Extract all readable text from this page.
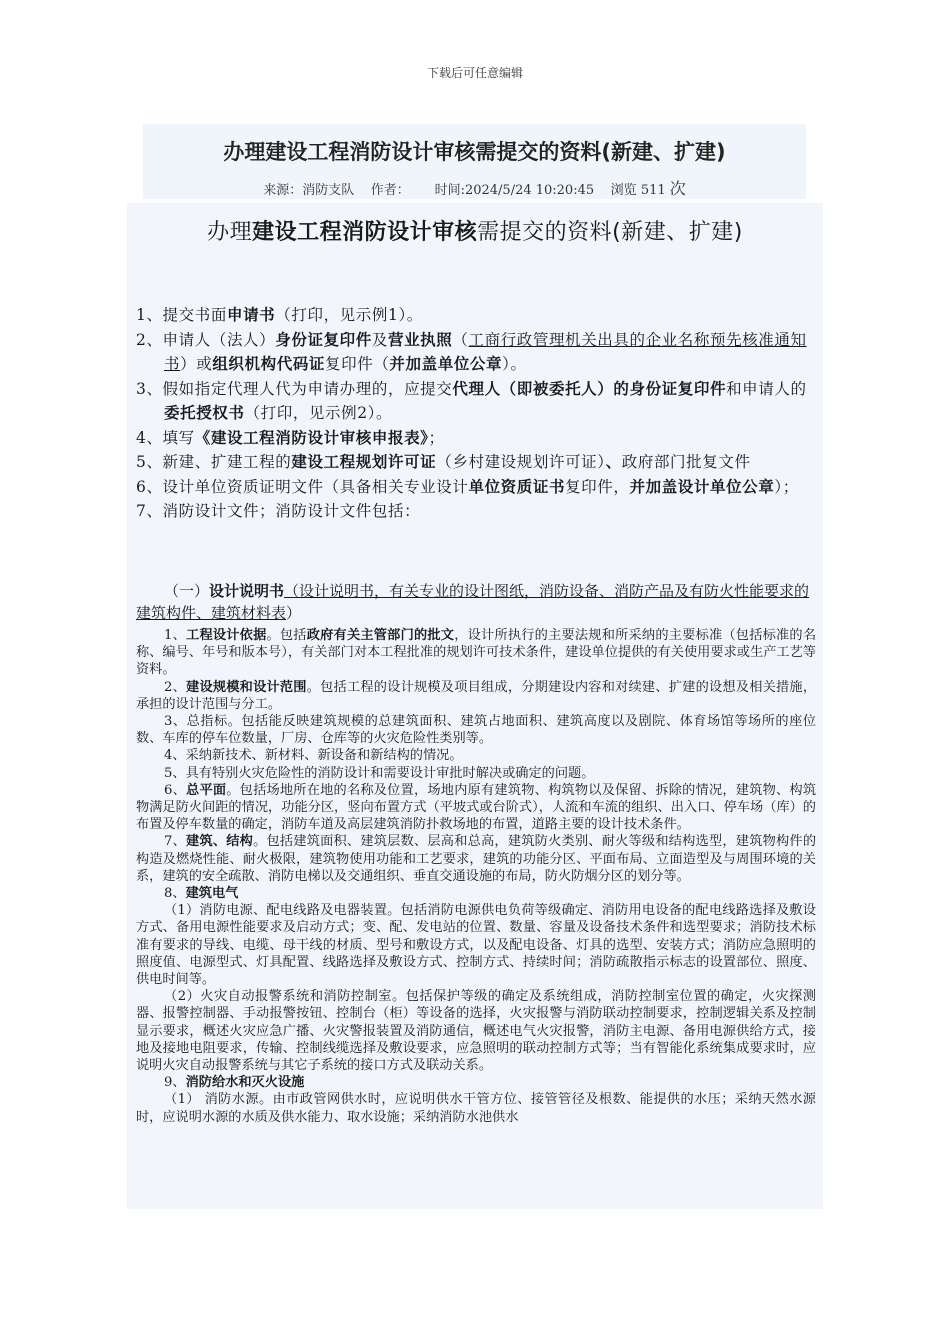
下载后可任意编辑
办理建设工程消防设计审核需提交的资料(新建、扩建)
来源：消防支队 作者： 时间:2024/5/24 10:20:45 浏览 511 次
办理建设工程消防设计审核需提交的资料(新建、扩建)

1、提交书面申请书（打印，见示例1）。

2、申请人（法人）身份证复印件及营业执照（工商行政管理机关出具的企业名称预先核准通知书）或组织机构代码证复印件（并加盖单位公章）。

3、假如指定代理人代为申请办理的，应提交代理人（即被委托人）的身份证复印件和申请人的委托授权书（打印，见示例2）。

4、填写《建设工程消防设计审核申报表》；

5、新建、扩建工程的建设工程规划许可证（乡村建设规划许可证）、政府部门批复文件

6、设计单位资质证明文件（具备相关专业设计单位资质证书复印件，并加盖设计单位公章）；

7、消防设计文件；消防设计文件包括：

（一）设计说明书（设计说明书，有关专业的设计图纸，消防设备、消防产品及有防火性能要求的建筑构件、建筑材料表）

1、工程设计依据。包括政府有关主管部门的批文，设计所执行的主要法规和所采纳的主要标准（包括标准的名称、编号、年号和版本号），有关部门对本工程批准的规划许可技术条件，建设单位提供的有关使用要求或生产工艺等资料。

2、建设规模和设计范围。包括工程的设计规模及项目组成，分期建设内容和对续建、扩建的设想及相关措施，承担的设计范围与分工。

3、总指标。包括能反映建筑规模的总建筑面积、建筑占地面积、建筑高度以及剧院、体育场馆等场所的座位数、车库的停车位数量，厂房、仓库等的火灾危险性类别等。

4、采纳新技术、新材料、新设备和新结构的情况。

5、具有特别火灾危险性的消防设计和需要设计审批时解决或确定的问题。

6、总平面。包括场地所在地的名称及位置，场地内原有建筑物、构筑物以及保留、拆除的情况，建筑物、构筑物满足防火间距的情况，功能分区，竖向布置方式（平坡式或台阶式），人流和车流的组织、出入口、停车场（库）的布置及停车数量的确定，消防车道及高层建筑消防扑救场地的布置，道路主要的设计技术条件。

7、建筑、结构。包括建筑面积、建筑层数、层高和总高，建筑防火类别、耐火等级和结构选型，建筑物构件的构造及燃烧性能、耐火极限，建筑物使用功能和工艺要求，建筑的功能分区、平面布局、立面造型及与周围环境的关系，建筑的安全疏散、消防电梯以及交通组织、垂直交通设施的布局，防火防烟分区的划分等。

8、建筑电气

（1）消防电源、配电线路及电器装置。包括消防电源供电负荷等级确定、消防用电设备的配电线路选择及敷设方式、备用电源性能要求及启动方式；变、配、发电站的位置、数量、容量及设备技术条件和选型要求；消防技术标准有要求的导线、电缆、母干线的材质、型号和敷设方式，以及配电设备、灯具的选型、安装方式；消防应急照明的照度值、电源型式、灯具配置、线路选择及敷设方式、控制方式、持续时间；消防疏散指示标志的设置部位、照度、供电时间等。

（2）火灾自动报警系统和消防控制室。包括保护等级的确定及系统组成，消防控制室位置的确定，火灾探测器、报警控制器、手动报警按钮、控制台（柜）等设备的选择，火灾报警与消防联动控制要求，控制逻辑关系及控制显示要求，概述火灾应急广播、火灾警报装置及消防通信，概述电气火灾报警，消防主电源、备用电源供给方式，接地及接地电阻要求，传输、控制线缆选择及敷设要求，应急照明的联动控制方式等；当有智能化系统集成要求时，应说明火灾自动报警系统与其它子系统的接口方式及联动关系。

9、消防给水和灭火设施

（1） 消防水源。由市政管网供水时，应说明供水干管方位、接管管径及根数、能提供的水压；采纳天然水源时，应说明水源的水质及供水能力、取水设施；采纳消防水池供水
